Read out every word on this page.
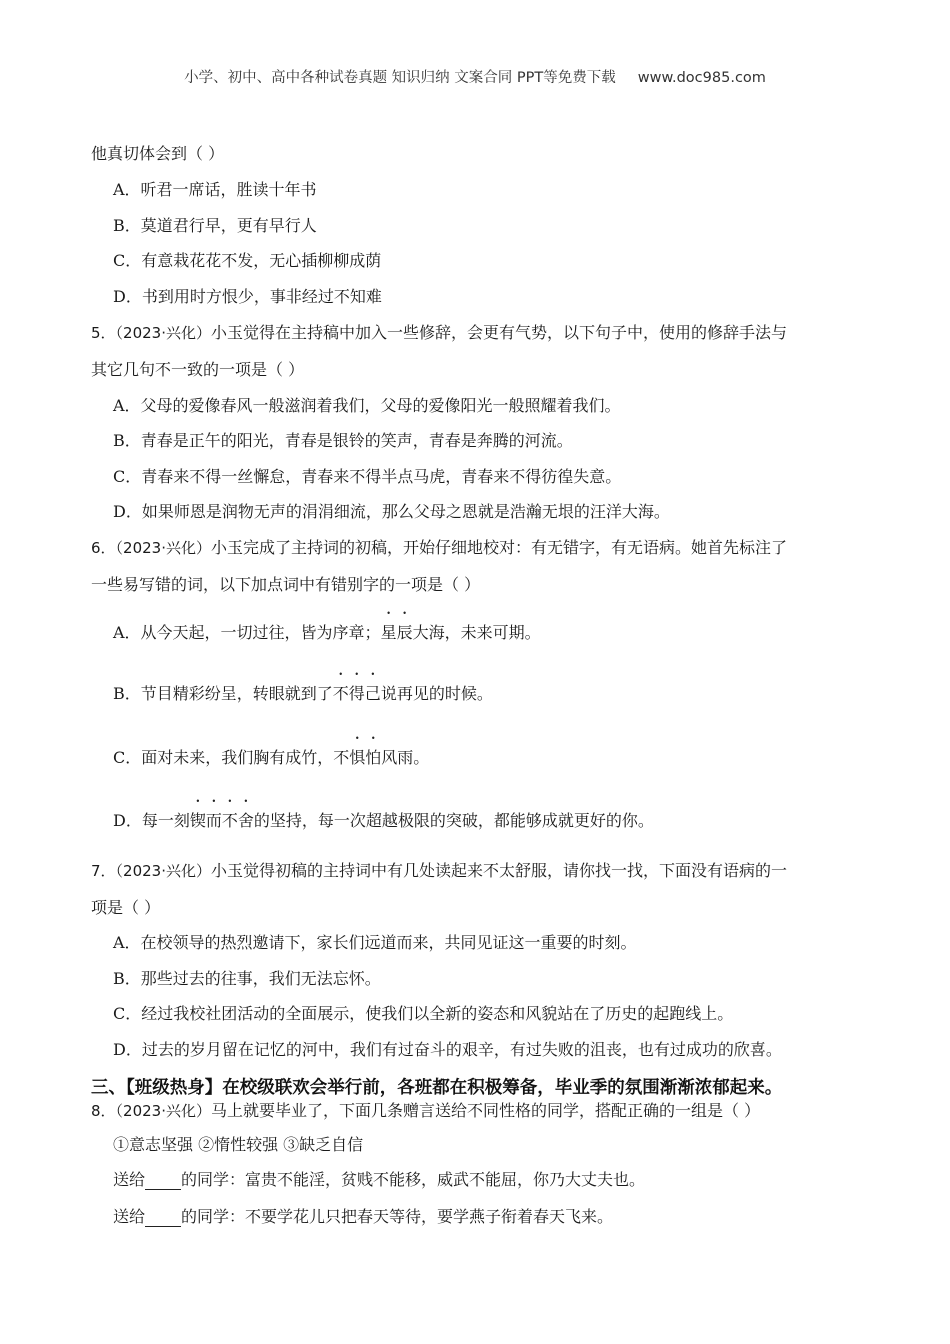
小学、初中、高中各种试卷真题 知识归纳 文案合同 PPT等免费下载 www.doc985.com
他真切体会到（ ）
A．听君一席话，胜读十年书
B．莫道君行早，更有早行人
C．有意栽花花不发，无心插柳柳成荫
D．书到用时方恨少，事非经过不知难
5．（2023·兴化）小玉觉得在主持稿中加入一些修辞，会更有气势，以下句子中，使用的修辞手法与
其它几句不一致的一项是（ ）
A．父母的爱像春风一般滋润着我们，父母的爱像阳光一般照耀着我们。
B．青春是正午的阳光，青春是银铃的笑声，青春是奔腾的河流。
C．青春来不得一丝懈怠，青春来不得半点马虎，青春来不得彷徨失意。
D．如果师恩是润物无声的涓涓细流，那么父母之恩就是浩瀚无垠的汪洋大海。
6．（2023·兴化）小玉完成了主持词的初稿，开始仔细地校对：有无错字，有无语病。她首先标注了
一些易写错的词，以下加点词中有错别字的一项是（ ）
A．从今天起，一切过往，皆为序章；星辰大海，未来可期。
B．节目精彩纷呈，转眼就到了不得己说再见的时候。
C．面对未来，我们胸有成竹，不惧怕风雨。
D．每一刻锲而不舍的坚持，每一次超越极限的突破，都能够成就更好的你。
7．（2023·兴化）小玉觉得初稿的主持词中有几处读起来不太舒服，请你找一找，下面没有语病的一
项是（ ）
A．在校领导的热烈邀请下，家长们远道而来，共同见证这一重要的时刻。
B．那些过去的往事，我们无法忘怀。
C．经过我校社团活动的全面展示，使我们以全新的姿态和风貌站在了历史的起跑线上。
D．过去的岁月留在记忆的河中，我们有过奋斗的艰辛，有过失败的沮丧，也有过成功的欣喜。
三、【班级热身】在校级联欢会举行前，各班都在积极筹备，毕业季的氛围渐渐浓郁起来。
8．（2023·兴化）马上就要毕业了，下面几条赠言送给不同性格的同学，搭配正确的一组是（ ）
①意志坚强 ②惰性较强 ③缺乏自信
送给 的同学：富贵不能淫，贫贱不能移，威武不能屈，你乃大丈夫也。
送给 的同学：不要学花儿只把春天等待，要学燕子衔着春天飞来。
